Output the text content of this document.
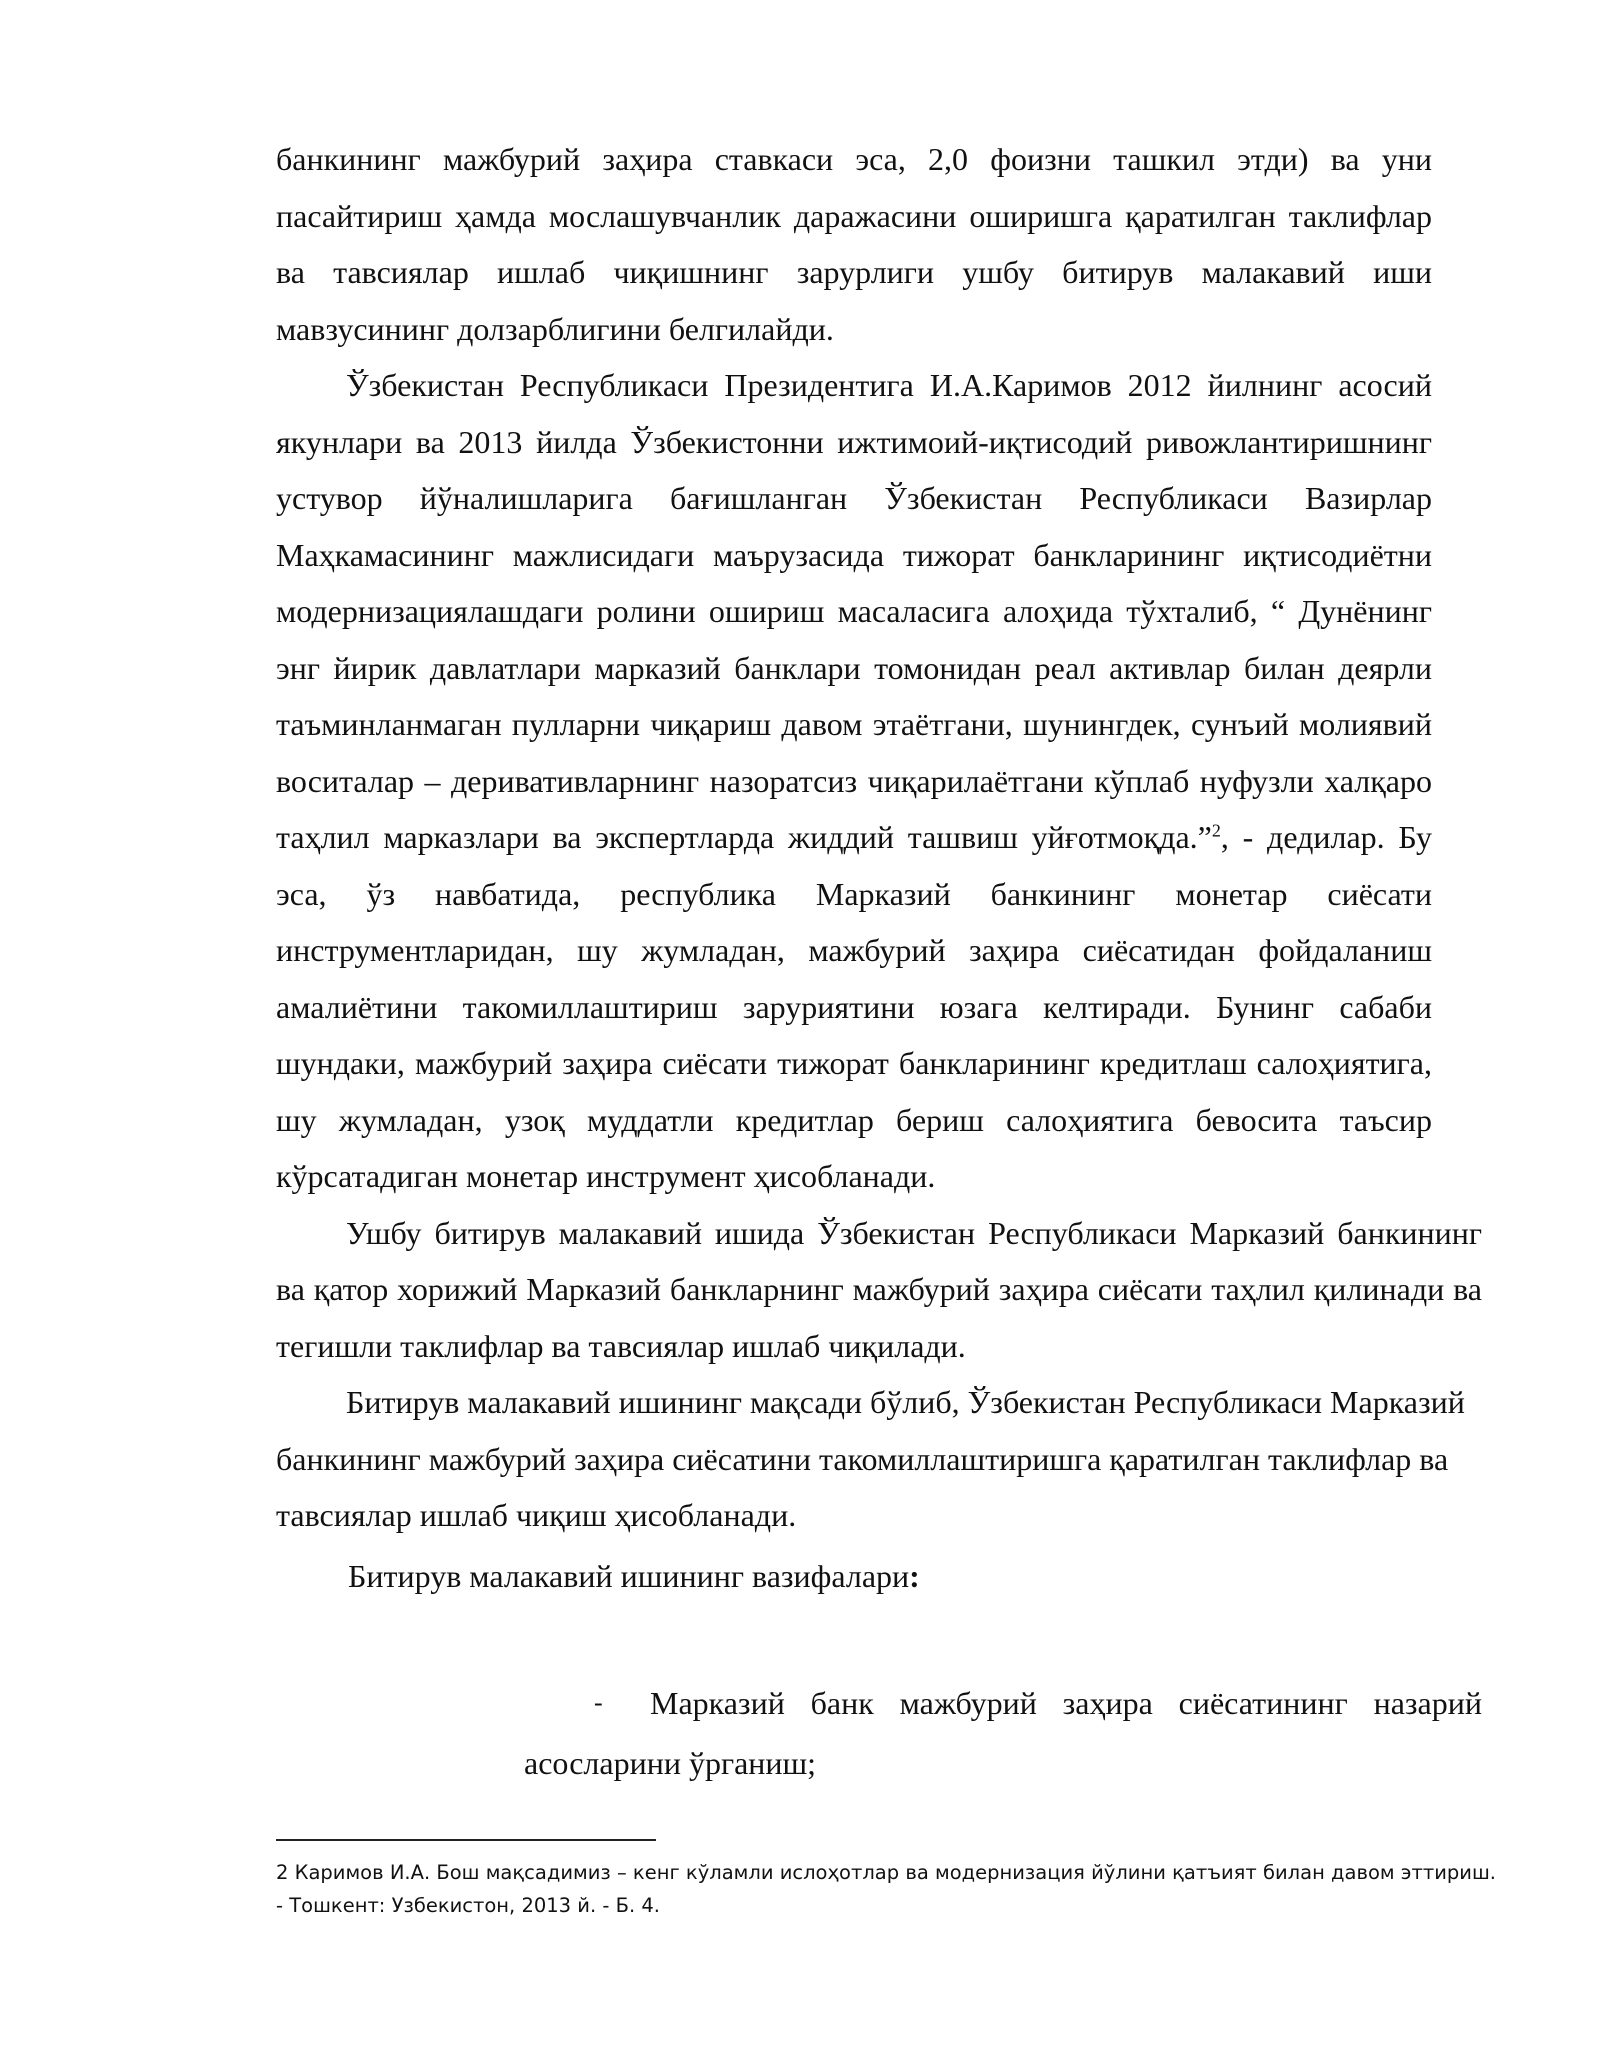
банкининг мажбурий заҳира ставкаси эса, 2,0 фоизни ташкил этди) ва уни пасайтириш ҳамда мослашувчанлик даражасини оширишга қаратилган таклифлар ва тавсиялар ишлаб чиқишнинг зарурлиги ушбу битирув малакавий иши мавзусининг долзарблигини белгилайди.

Ўзбекистан Республикаси Президентига И.А.Каримов 2012 йилнинг асосий якунлари ва 2013 йилда Ўзбекистонни ижтимоий-иқтисодий ривожлантиришнинг устувор йўналишларига бағишланган Ўзбекистан Республикаси Вазирлар Маҳкамасининг мажлисидаги маърузасида тижорат банкларининг иқтисодиётни модернизациялашдаги ролини ошириш масаласига алоҳида тўхталиб, “ Дунёнинг энг йирик давлатлари марказий банклари томонидан реал активлар билан деярли таъминланмаган пулларни чиқариш давом этаётгани, шунингдек, сунъий молиявий воситалар – деривативларнинг назоратсиз чиқарилаётгани кўплаб нуфузли халқаро таҳлил марказлари ва экспертларда жиддий ташвиш уйғотмоқда.”$^2$, - дедилар. Бу эса, ўз навбатида, республика Марказий банкининг монетар сиёсати инструментларидан, шу жумладан, мажбурий заҳира сиёсатидан фойдаланиш амалиётини такомиллаштириш заруриятини юзага келтиради. Бунинг сабаби шундаки, мажбурий заҳира сиёсати тижорат банкларининг кредитлаш салоҳиятига, шу жумладан, узоқ муддатли кредитлар бериш салоҳиятига бевосита таъсир кўрсатадиган монетар инструмент ҳисобланади.

Ушбу битирув малакавий ишида Ўзбекистан Республикаси Марказий банкининг ва қатор хорижий Марказий банкларнинг мажбурий заҳира сиёсати таҳлил қилинади ва тегишли таклифлар ва тавсиялар ишлаб чиқилади.

Битирув малакавий ишининг мақсади бўлиб, Ўзбекистан Республикаси Марказий банкининг мажбурий заҳира сиёсатини такомиллаштиришга қаратилган таклифлар ва тавсиялар ишлаб чиқиш ҳисобланади.

Битирув малакавий ишининг вазифалари:

- Марказий банк мажбурий заҳира сиёсатининг назарий асосларини ўрганиш;

2 Каримов И.А. Бош мақсадимиз – кенг кўламли ислоҳотлар ва модернизация йўлини қатъият билан давом эттириш. - Тошкент: Узбекистон, 2013 й. - Б. 4.
